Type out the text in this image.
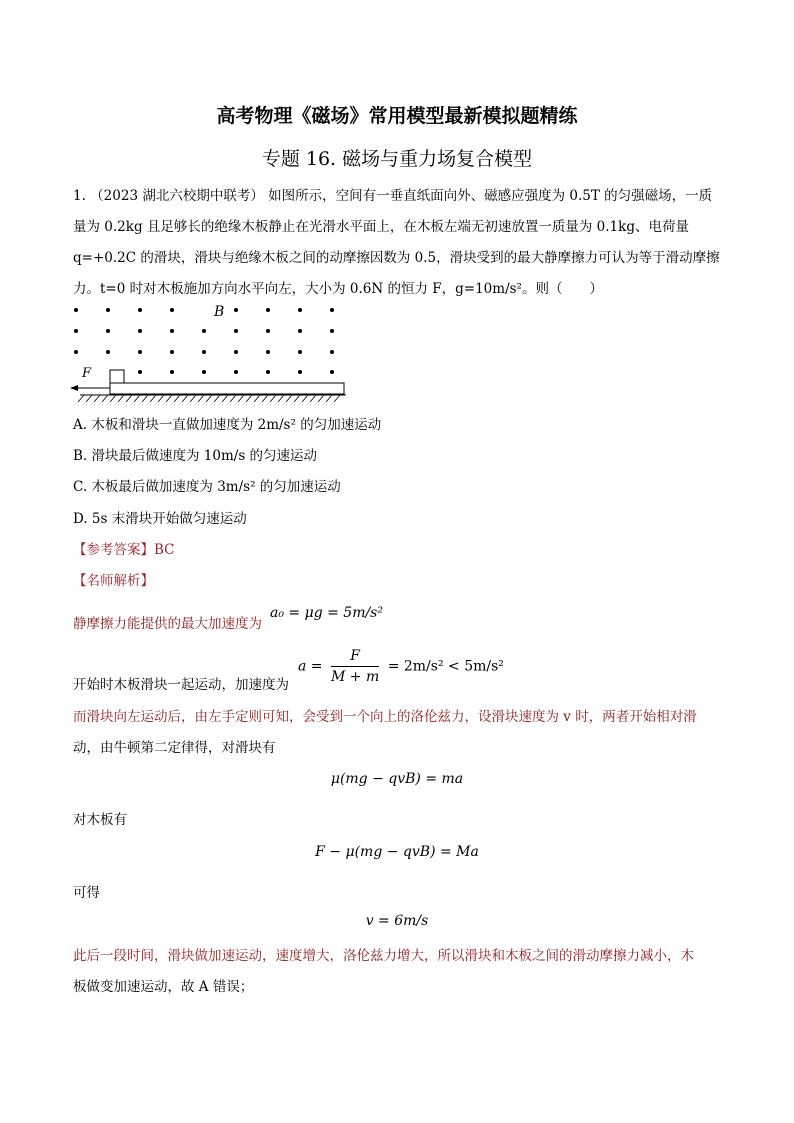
高考物理《磁场》常用模型最新模拟题精练
专题 16. 磁场与重力场复合模型
1. （2023 湖北六校期中联考） 如图所示，空间有一垂直纸面向外、磁感应强度为 0.5T 的匀强磁场，一质
量为 0.2kg 且足够长的绝缘木板静止在光滑水平面上，在木板左端无初速放置一质量为 0.1kg、电荷量
q=+0.2C 的滑块，滑块与绝缘木板之间的动摩擦因数为 0.5，滑块受到的最大静摩擦力可认为等于滑动摩擦
力。t=0 时对木板施加方向水平向左，大小为 0.6N 的恒力 F，g=10m/s²。则（　　）
B
F
A. 木板和滑块一直做加速度为 2m/s² 的匀加速运动
B. 滑块最后做速度为 10m/s 的匀速运动
C. 木板最后做加速度为 3m/s² 的匀加速运动
D. 5s 末滑块开始做匀速运动
【参考答案】BC
【名师解析】
静摩擦力能提供的最大加速度为
a₀ = μg = 5m/s²
开始时木板滑块一起运动，加速度为
$a = \frac{F}{M + m} = 2m/s^2 < 5m/s^2$
而滑块向左运动后，由左手定则可知，会受到一个向上的洛伦兹力，设滑块速度为 v 时，两者开始相对滑
动，由牛顿第二定律得，对滑块有
μ(mg − qvB) = ma
对木板有
F − μ(mg − qvB) = Ma
可得
v = 6m/s
此后一段时间，滑块做加速运动，速度增大，洛伦兹力增大，所以滑块和木板之间的滑动摩擦力减小，木
板做变加速运动，故 A 错误；
